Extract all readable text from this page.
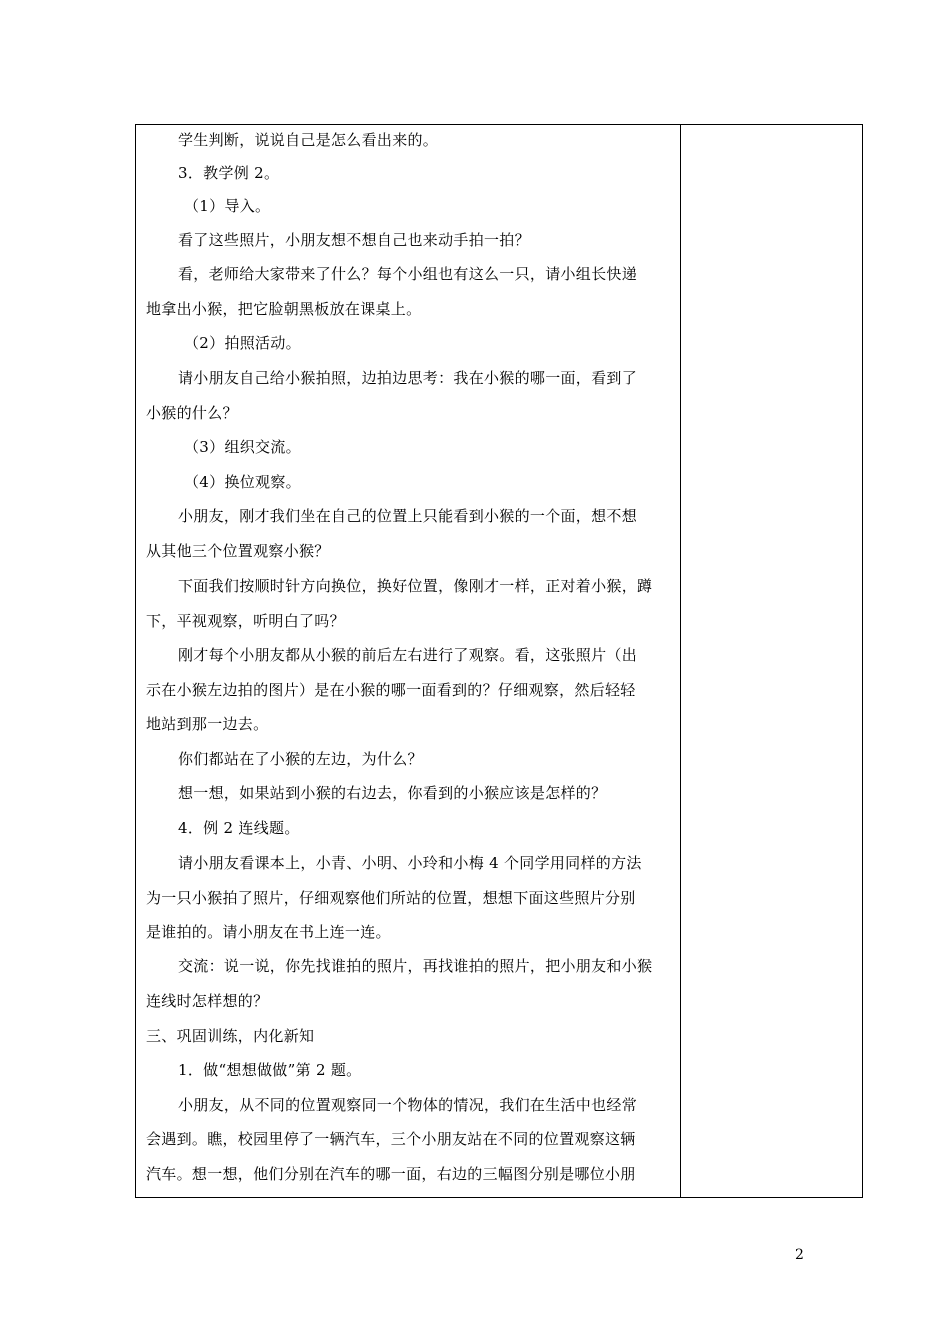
学生判断，说说自己是怎么看出来的。
3．教学例 2。
（1）导入。
看了这些照片，小朋友想不想自己也来动手拍一拍？
看，老师给大家带来了什么？每个小组也有这么一只，请小组长快递
地拿出小猴，把它脸朝黑板放在课桌上。
（2）拍照活动。
请小朋友自己给小猴拍照，边拍边思考：我在小猴的哪一面，看到了
小猴的什么？
（3）组织交流。
（4）换位观察。
小朋友，刚才我们坐在自己的位置上只能看到小猴的一个面，想不想
从其他三个位置观察小猴？
下面我们按顺时针方向换位，换好位置，像刚才一样，正对着小猴，蹲
下，平视观察，听明白了吗？
刚才每个小朋友都从小猴的前后左右进行了观察。看，这张照片（出
示在小猴左边拍的图片）是在小猴的哪一面看到的？仔细观察，然后轻轻
地站到那一边去。
你们都站在了小猴的左边，为什么？
想一想，如果站到小猴的右边去，你看到的小猴应该是怎样的？
4．例 2 连线题。
请小朋友看课本上，小青、小明、小玲和小梅 4 个同学用同样的方法
为一只小猴拍了照片，仔细观察他们所站的位置，想想下面这些照片分别
是谁拍的。请小朋友在书上连一连。
交流：说一说，你先找谁拍的照片，再找谁拍的照片，把小朋友和小猴
连线时怎样想的？
三、巩固训练，内化新知
1．做“想想做做”第 2 题。
小朋友，从不同的位置观察同一个物体的情况，我们在生活中也经常
会遇到。瞧，校园里停了一辆汽车，三个小朋友站在不同的位置观察这辆
汽车。想一想，他们分别在汽车的哪一面，右边的三幅图分别是哪位小朋
2
